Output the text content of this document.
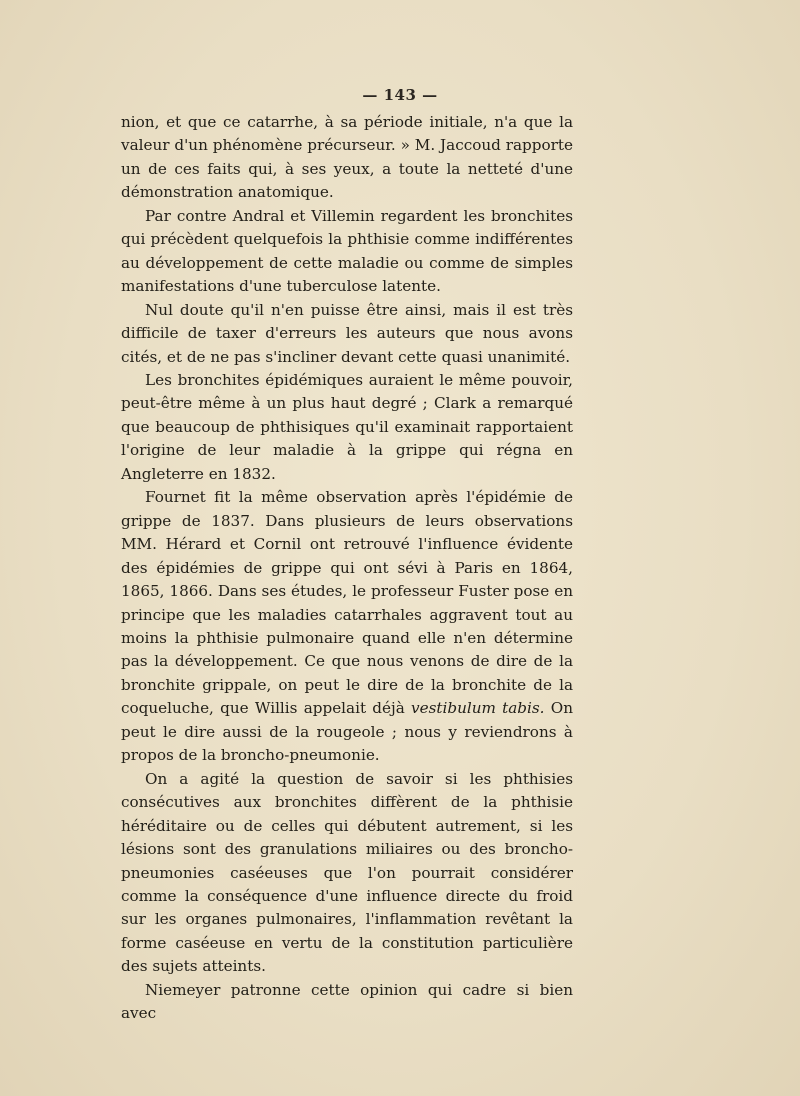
— 143 —

nion, et que ce catarrhe, à sa période initiale, n'a que la valeur d'un phénomène précurseur. » M. Jaccoud rapporte un de ces faits qui, à ses yeux, a toute la netteté d'une démonstration anatomique.

Par contre Andral et Villemin regardent les bronchites qui précèdent quelquefois la phthisie comme indifférentes au développement de cette maladie ou comme de simples manifestations d'une tuberculose latente.

Nul doute qu'il n'en puisse être ainsi, mais il est très difficile de taxer d'erreurs les auteurs que nous avons cités, et de ne pas s'incliner devant cette quasi unanimité.

Les bronchites épidémiques auraient le même pouvoir, peut-être même à un plus haut degré ; Clark a remarqué que beaucoup de phthisiques qu'il examinait rapportaient l'origine de leur maladie à la grippe qui régna en Angleterre en 1832.

Fournet fit la même observation après l'épidémie de grippe de 1837. Dans plusieurs de leurs observations MM. Hérard et Cornil ont retrouvé l'influence évidente des épidémies de grippe qui ont sévi à Paris en 1864, 1865, 1866. Dans ses études, le professeur Fuster pose en principe que les maladies catarrhales aggravent tout au moins la phthisie pulmonaire quand elle n'en détermine pas la développement. Ce que nous venons de dire de la bronchite grippale, on peut le dire de la bronchite de la coqueluche, que Willis appelait déjà vestibulum tabis. On peut le dire aussi de la rougeole ; nous y reviendrons à propos de la broncho-pneumonie.

On a agité la question de savoir si les phthisies consécutives aux bronchites diffèrent de la phthisie héréditaire ou de celles qui débutent autrement, si les lésions sont des granulations miliaires ou des broncho-pneumonies caséeuses que l'on pourrait considérer comme la conséquence d'une influence directe du froid sur les organes pulmonaires, l'inflammation revêtant la forme caséeuse en vertu de la constitution particulière des sujets atteints.

Niemeyer patronne cette opinion qui cadre si bien avec
